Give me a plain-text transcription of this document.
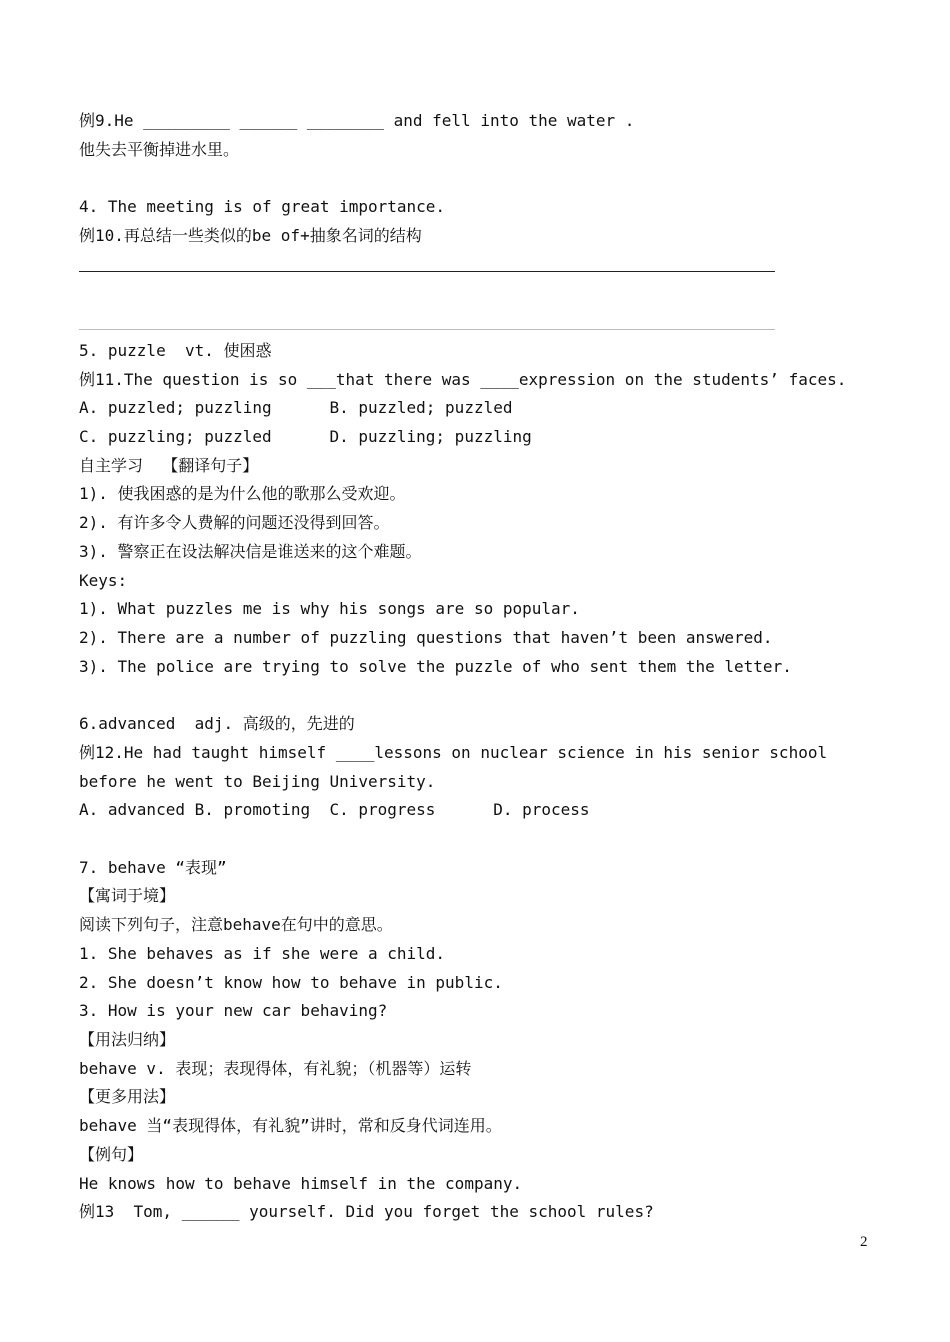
例9.He _________ ______ ________ and fell into the water .
他失去平衡掉进水里。
4. The meeting is of great importance.
例10.再总结一些类似的be of+抽象名词的结构
5. puzzle  vt. 使困惑
例11.The question is so ___that there was ____expression on the students’ faces.
A. puzzled; puzzling      B. puzzled; puzzled
C. puzzling; puzzled      D. puzzling; puzzling
自主学习  【翻译句子】
1). 使我困惑的是为什么他的歌那么受欢迎。
2). 有许多令人费解的问题还没得到回答。
3). 警察正在设法解决信是谁送来的这个难题。
Keys:
1). What puzzles me is why his songs are so popular.
2). There are a number of puzzling questions that haven’t been answered.
3). The police are trying to solve the puzzle of who sent them the letter.
6.advanced  adj. 高级的，先进的
例12.He had taught himself ____lessons on nuclear science in his senior school
before he went to Beijing University.
A. advanced B. promoting  C. progress      D. process
7. behave “表现”
【寓词于境】
阅读下列句子，注意behave在句中的意思。
1. She behaves as if she were a child.
2. She doesn’t know how to behave in public.
3. How is your new car behaving?
【用法归纳】
behave v. 表现；表现得体，有礼貌；（机器等）运转
【更多用法】
behave 当“表现得体，有礼貌”讲时，常和反身代词连用。
【例句】
He knows how to behave himself in the company.
例13  Tom, ______ yourself. Did you forget the school rules?
2
